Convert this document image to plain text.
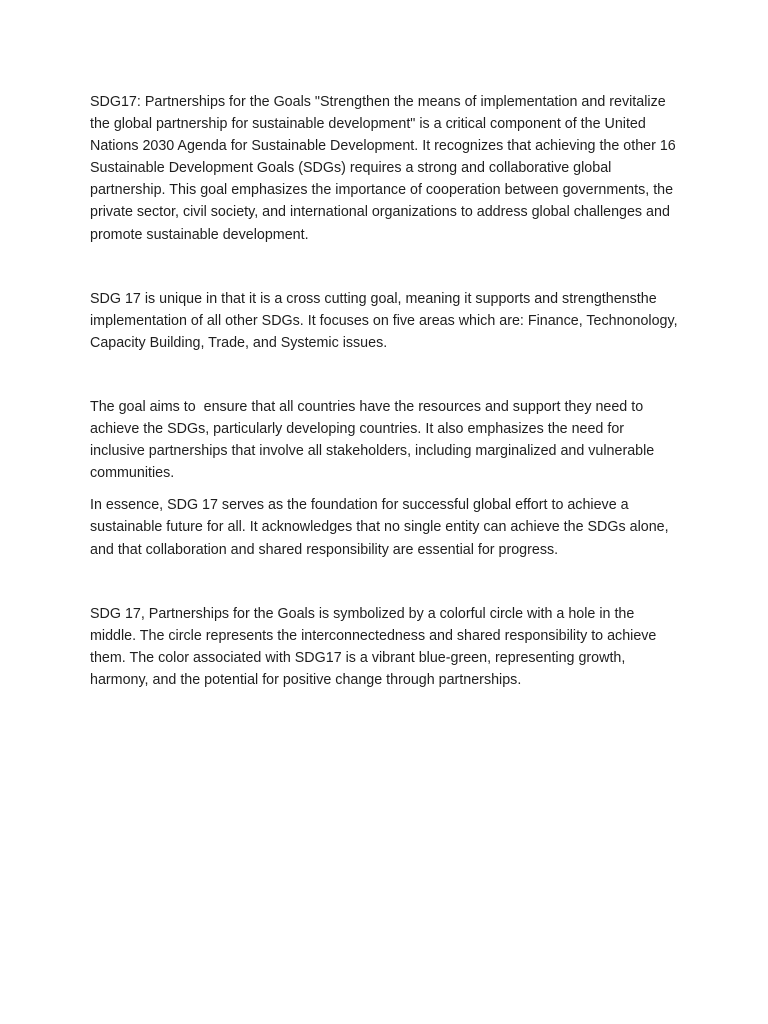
SDG17: Partnerships for the Goals "Strengthen the means of implementation and revitalize the global partnership for sustainable development" is a critical component of the United Nations 2030 Agenda for Sustainable Development. It recognizes that achieving the other 16 Sustainable Development Goals (SDGs) requires a strong and collaborative global partnership. This goal emphasizes the importance of cooperation between governments, the private sector, civil society, and international organizations to address global challenges and promote sustainable development.

SDG 17 is unique in that it is a cross cutting goal, meaning it supports and strengthensthe implementation of all other SDGs. It focuses on five areas which are: Finance, Technonology, Capacity Building, Trade, and Systemic issues.

The goal aims to  ensure that all countries have the resources and support they need to achieve the SDGs, particularly developing countries. It also emphasizes the need for inclusive partnerships that involve all stakeholders, including marginalized and vulnerable communities.

In essence, SDG 17 serves as the foundation for successful global effort to achieve a sustainable future for all. It acknowledges that no single entity can achieve the SDGs alone, and that collaboration and shared responsibility are essential for progress.

SDG 17, Partnerships for the Goals is symbolized by a colorful circle with a hole in the middle. The circle represents the interconnectedness and shared responsibility to achieve them. The color associated with SDG17 is a vibrant blue-green, representing growth, harmony, and the potential for positive change through partnerships.
